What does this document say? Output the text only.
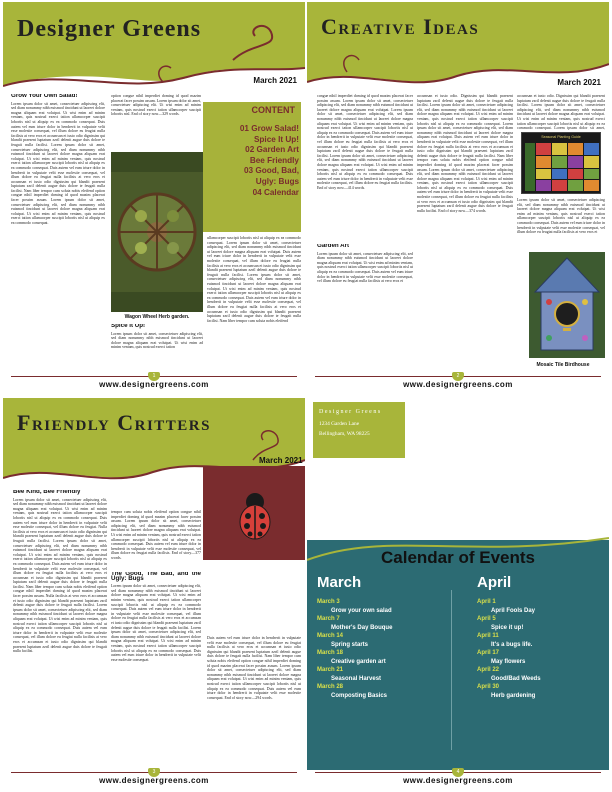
Designer Greens
March 2021
Grow Your Own Salad!
Lorem ipsum dolor sit amet, consectetuer adipiscing elit, sed diam nonummy nibh euismod tincidunt ut laoreet dolore magna aliquam erat volutpat. Ut wisi enim ad minim veniam, quis nostrud exerci tation ullamcorper suscipit lobortis nisl ut aliquip ex ea commodo consequat. Duis autem vel eum iriure dolor in hendrerit in vulputate velit esse molestie consequat, vel illum dolore eu feugiat nulla facilisis at vero eros et accumsan et iusto odio dignissim qui blandit praesent luptatum zzril delenit augue duis dolore te feugait nulla facilisi. Lorem ipsum dolor sit amet, consectetuer adipiscing elit, sed diam nonummy nibh euismod tincidunt ut laoreet dolore magna aliquam erat volutpat. Ut wisi enim ad minim veniam, quis nostrud exerci tation ullamcorper suscipit lobortis nisl ut aliquip ex ea commodo consequat. Duis autem vel eum iriure dolor in hendrerit in vulputate velit esse molestie consequat, vel illum dolore eu feugiat nulla facilisis at vero eros et accumsan et iusto odio dignissim qui blandit praesent luptatum zzril delenit augue duis dolore te feugait nulla facilisi. Nam liber tempor cum soluta nobis eleifend option congue nihil imperdiet doming id quod mazim placerat facer possim assum. Lorem ipsum dolor sit amet, consectetuer adipiscing elit, sed diam nonummy nibh euismod tincidunt ut laoreet dolore magna aliquam erat volutpat. Ut wisi enim ad minim veniam, quis nostrud exerci tation ullamcorper suscipit lobortis nisl ut aliquip ex ea commodo consequat.
option congue nihil imperdiet doming id quod mazim placerat facer possim assum. Lorem ipsum dolor sit amet, consectetuer adipiscing elit. Ut wisi enim ad minim veniam, quis nostrud exerci tation ullamcorper suscipit lobortis nisl. End of story now—329 words.
Wagon Wheel Herb garden.
Spice It Up!
Lorem ipsum dolor sit amet, consectetuer adipiscing elit, sed diam nonummy nibh euismod tincidunt ut laoreet dolore magna aliquam erat volutpat. Ut wisi enim ad minim veniam, quis nostrud exerci tation
CONTENT
01 Grow Salad!
Spice It Up!
02 Garden Art
Bee Friendly
03 Good, Bad,
Ugly: Bugs
04 Calendar
ullamcorper suscipit lobortis nisl ut aliquip ex ea commodo consequat. Lorem ipsum dolor sit amet, consectetuer adipiscing elit, sed diam nonummy nibh euismod tincidunt ut laoreet dolore magna aliquam erat volutpat. Duis autem vel eum iriure dolor in hendrerit in vulputate velit esse molestie consequat, vel illum dolore eu feugiat nulla facilisis at vero eros et accumsan et iusto odio dignissim qui blandit praesent luptatum zzril delenit augue duis dolore te feugait nulla facilisi. Lorem ipsum dolor sit amet, consectetuer adipiscing elit, sed diam nonummy nibh euismod tincidunt ut laoreet dolore magna aliquam erat volutpat. Ut wisi enim ad minim veniam, quis nostrud exerci tation ullamcorper suscipit lobortis nisl ut aliquip ex ea commodo consequat. Duis autem vel eum iriure dolor in hendrerit in vulputate velit esse molestie consequat, vel illum dolore eu feugiat nulla facilisis at vero eros et accumsan et iusto odio dignissim qui blandit praesent luptatum zzril delenit augue duis dolore te feugait nulla facilisi. Nam liber tempor cum soluta nobis eleifend
1
www.designergreens.com
Creative Ideas
March 2021
congue nihil imperdiet doming id quod mazim placerat facer possim assum. Lorem ipsum dolor sit amet, consectetuer adipiscing elit, sed diam nonummy nibh euismod tincidunt ut laoreet dolore magna aliquam erat volutpat. Lorem ipsum dolor sit amet, consectetuer adipiscing elit, sed diam nonummy nibh euismod tincidunt ut laoreet dolore magna aliquam erat volutpat. Ut wisi enim ad minim veniam, quis nostrud exerci tation ullamcorper suscipit lobortis nisl ut aliquip ex ea commodo consequat. Duis autem vel eum iriure dolor in hendrerit in vulputate velit esse molestie consequat, vel illum dolore eu feugiat nulla facilisis at vero eros et accumsan et iusto odio dignissim qui blandit praesent luptatum zzril delenit augue duis dolore te feugait nulla facilisi. Lorem ipsum dolor sit amet, consectetuer adipiscing elit, sed diam nonummy nibh euismod tincidunt ut laoreet dolore magna aliquam erat volutpat. Ut wisi enim ad minim veniam, quis nostrud exerci tation ullamcorper suscipit lobortis nisl ut aliquip ex ea commodo consequat. Duis autem vel eum iriure dolor in hendrerit in vulputate velit esse molestie consequat, vel illum dolore eu feugiat nulla facilisis. End of story now—414 words.
Garden Art
Lorem ipsum dolor sit amet, consectetuer adipiscing elit, sed diam nonummy nibh euismod tincidunt ut laoreet dolore magna aliquam erat volutpat. Ut wisi enim ad minim veniam, quis nostrud exerci tation ullamcorper suscipit lobortis nisl ut aliquip ex ea commodo consequat. Duis autem vel eum iriure dolor in hendrerit in vulputate velit esse molestie consequat, vel illum dolore eu feugiat nulla facilisis at vero eros et
accumsan et iusto odio. Dignissim qui blandit praesent luptatum zzril delenit augue duis dolore te feugait nulla facilisi. Lorem ipsum dolor sit amet, consectetuer adipiscing elit, sed diam nonummy nibh euismod tincidunt ut laoreet dolore magna aliquam erat volutpat. Ut wisi enim ad minim veniam, quis nostrud exerci tation ullamcorper suscipit lobortis nisl ut aliquip ex ea commodo consequat. Lorem ipsum dolor sit amet, consectetuer adipiscing elit, sed diam nonummy nibh euismod tincidunt ut laoreet dolore magna aliquam erat volutpat. Duis autem vel eum iriure dolor in hendrerit in vulputate velit esse molestie consequat, vel illum dolore eu feugiat nulla facilisis at vero eros et accumsan et iusto odio dignissim qui blandit praesent luptatum zzril delenit augue duis dolore te feugait nulla facilisi. Nam liber tempor cum soluta nobis eleifend option congue nihil imperdiet doming id quod mazim placerat facer possim assum. Lorem ipsum dolor sit amet, consectetuer adipiscing elit, sed diam nonummy nibh euismod tincidunt ut laoreet dolore magna aliquam erat volutpat. Ut wisi enim ad minim veniam, quis nostrud exerci tation ullamcorper suscipit lobortis nisl ut aliquip ex ea commodo consequat. Duis autem vel eum iriure dolor in hendrerit in vulputate velit esse molestie consequat, vel illum dolore eu feugiat nulla facilisis at vero eros et accumsan et iusto odio dignissim qui blandit praesent luptatum zzril delenit augue duis dolore te feugait nulla facilisi. End of story now—374 words.
accumsan et iusto odio. Dignissim qui blandit praesent luptatum zzril delenit augue duis dolore te feugait nulla facilisi. Lorem ipsum dolor sit amet, consectetuer adipiscing elit, sed diam nonummy nibh euismod tincidunt ut laoreet dolore magna aliquam erat volutpat. Ut wisi enim ad minim veniam, quis nostrud exerci tation ullamcorper suscipit lobortis nisl ut aliquip ex ea commodo consequat. Lorem ipsum dolor sit amet,
Seasonal Planting Guide
Lorem ipsum dolor sit amet, consectetuer adipiscing elit, sed diam nonummy nibh euismod tincidunt ut laoreet dolore magna aliquam erat volutpat. Ut wisi enim ad minim veniam, quis nostrud exerci tation ullamcorper suscipit lobortis nisl ut aliquip ex ea commodo consequat. Duis autem vel eum iriure dolor in hendrerit in vulputate velit esse molestie consequat, vel illum dolore eu feugiat nulla facilisis at vero eros et
Mosaic Tile Birdhouse
2
www.designergreens.com
Friendly Critters
March 2021
Bee Kind, Bee Friendly
Lorem ipsum dolor sit amet, consectetuer adipiscing elit, sed diam nonummy nibh euismod tincidunt ut laoreet dolore magna aliquam erat volutpat. Ut wisi enim ad minim veniam, quis nostrud exerci tation ullamcorper suscipit lobortis nisl ut aliquip ex ea commodo consequat. Duis autem vel eum iriure dolor in hendrerit in vulputate velit esse molestie consequat, vel illum dolore eu feugiat. Nulla facilisis at vero eros et accumsan et iusto odio dignissim qui blandit praesent luptatum zzril delenit augue duis dolore te feugait nulla facilisi. Lorem ipsum dolor sit amet, consectetuer adipiscing elit, sed diam nonummy nibh euismod tincidunt ut laoreet dolore magna aliquam erat volutpat. Ut wisi enim ad minim veniam, quis nostrud exerci tation ullamcorper suscipit lobortis nisl ut aliquip ex ea commodo consequat. Duis autem vel eum iriure dolor in hendrerit in vulputate velit esse molestie consequat, vel illum dolore eu feugiat nulla facilisis at vero eros et accumsan et iusto odio dignissim qui blandit praesent luptatum zzril delenit augue duis dolore te feugait nulla facilisi. Nam liber tempor cum soluta nobis eleifend option congue nihil imperdiet doming id quod mazim placerat facer possim assum. Nulla facilisis at vero eros et accumsan et iusto odio dignissim qui blandit praesent luptatum zzril delenit augue duis dolore te feugait nulla facilisi. Lorem ipsum dolor sit amet, consectetuer adipiscing elit, sed diam nonummy nibh euismod tincidunt ut laoreet dolore magna aliquam erat volutpat. Ut wisi enim ad minim veniam, quis nostrud exerci tation ullamcorper suscipit lobortis nisl ut aliquip ex ea commodo consequat. Duis autem vel eum iriure dolor in hendrerit in vulputate velit esse molestie consequat, vel illum dolore eu feugiat nulla facilisis at vero eros et accumsan et iusto odio dignissim qui blandit praesent luptatum zzril delenit augue duis dolore te feugait nulla facilisi.
tempor cum soluta nobis eleifend option congue nihil imperdiet doming id quod mazim placerat facer possim assum. Lorem ipsum dolor sit amet, consectetuer adipiscing elit, sed diam nonummy nibh euismod tincidunt ut laoreet dolore magna aliquam erat volutpat. Ut wisi enim ad minim veniam, quis nostrud exerci tation ullamcorper suscipit lobortis nisl ut aliquip ex ea commodo consequat. Duis autem vel eum iriure dolor in hendrerit in vulputate velit esse molestie consequat, vel illum dolore eu feugiat nulla facilisis. End of story—377 words.
The Good, The Bad, and the Ugly: Bugs
Lorem ipsum dolor sit amet, consectetuer adipiscing elit, sed diam nonummy nibh euismod tincidunt ut laoreet dolore magna aliquam erat volutpat. Ut wisi enim ad minim veniam, quis nostrud exerci tation ullamcorper suscipit lobortis nisl ut aliquip ex ea commodo consequat. Duis autem vel eum iriure dolor in hendrerit in vulputate velit esse molestie consequat, vel illum dolore eu feugiat nulla facilisis at vero eros et accumsan et iusto odio dignissim qui blandit praesent luptatum zzril delenit augue duis dolore te feugait nulla facilisi. Lorem ipsum dolor sit amet, consectetuer adipiscing elit, sed diam nonummy nibh euismod tincidunt ut laoreet dolore magna aliquam erat volutpat. Ut wisi enim ad minim veniam, quis nostrud exerci tation ullamcorper suscipit lobortis nisl ut aliquip ex ea commodo consequat. Duis autem vel eum iriure dolor in hendrerit in vulputate velit esse molestie consequat.
Duis autem vel eum iriure dolor in hendrerit in vulputate velit esse molestie consequat, vel illum dolore eu feugiat nulla facilisis at vero eros et accumsan et iusto odio dignissim qui blandit praesent luptatum zzril delenit augue duis dolore te feugait nulla facilisi. Nam liber tempor cum soluta nobis eleifend option congue nihil imperdiet doming id quod mazim placerat facer possim assum. Lorem ipsum dolor sit amet, consectetuer adipiscing elit, sed diam nonummy nibh euismod tincidunt ut laoreet dolore magna aliquam erat volutpat. Ut wisi enim ad minim veniam, quis nostrud exerci tation ullamcorper suscipit lobortis nisl ut aliquip ex ea commodo consequat. Duis autem vel eum iriure dolor in hendrerit in vulputate velit esse molestie consequat. End of story now—294 words.
3
www.designergreens.com
Designer Greens
1234 Garden Lane
Bellingham, WA 98225
Calendar of Events
March	April
March 3
Grow your own salad
March 7
Mother's Day Bouque
March 14
Spring starts
March 18
Creative garden art
March 21
Seasonal Harvest
March 28
Composting Basics
April 1
April Fools Day
April 5
Spice it up!
April 11
It's a bugs life.
April 17
May flowers
April 22
Good/Bad Weeds
April 30
Herb gardening
4
www.designergreens.com
